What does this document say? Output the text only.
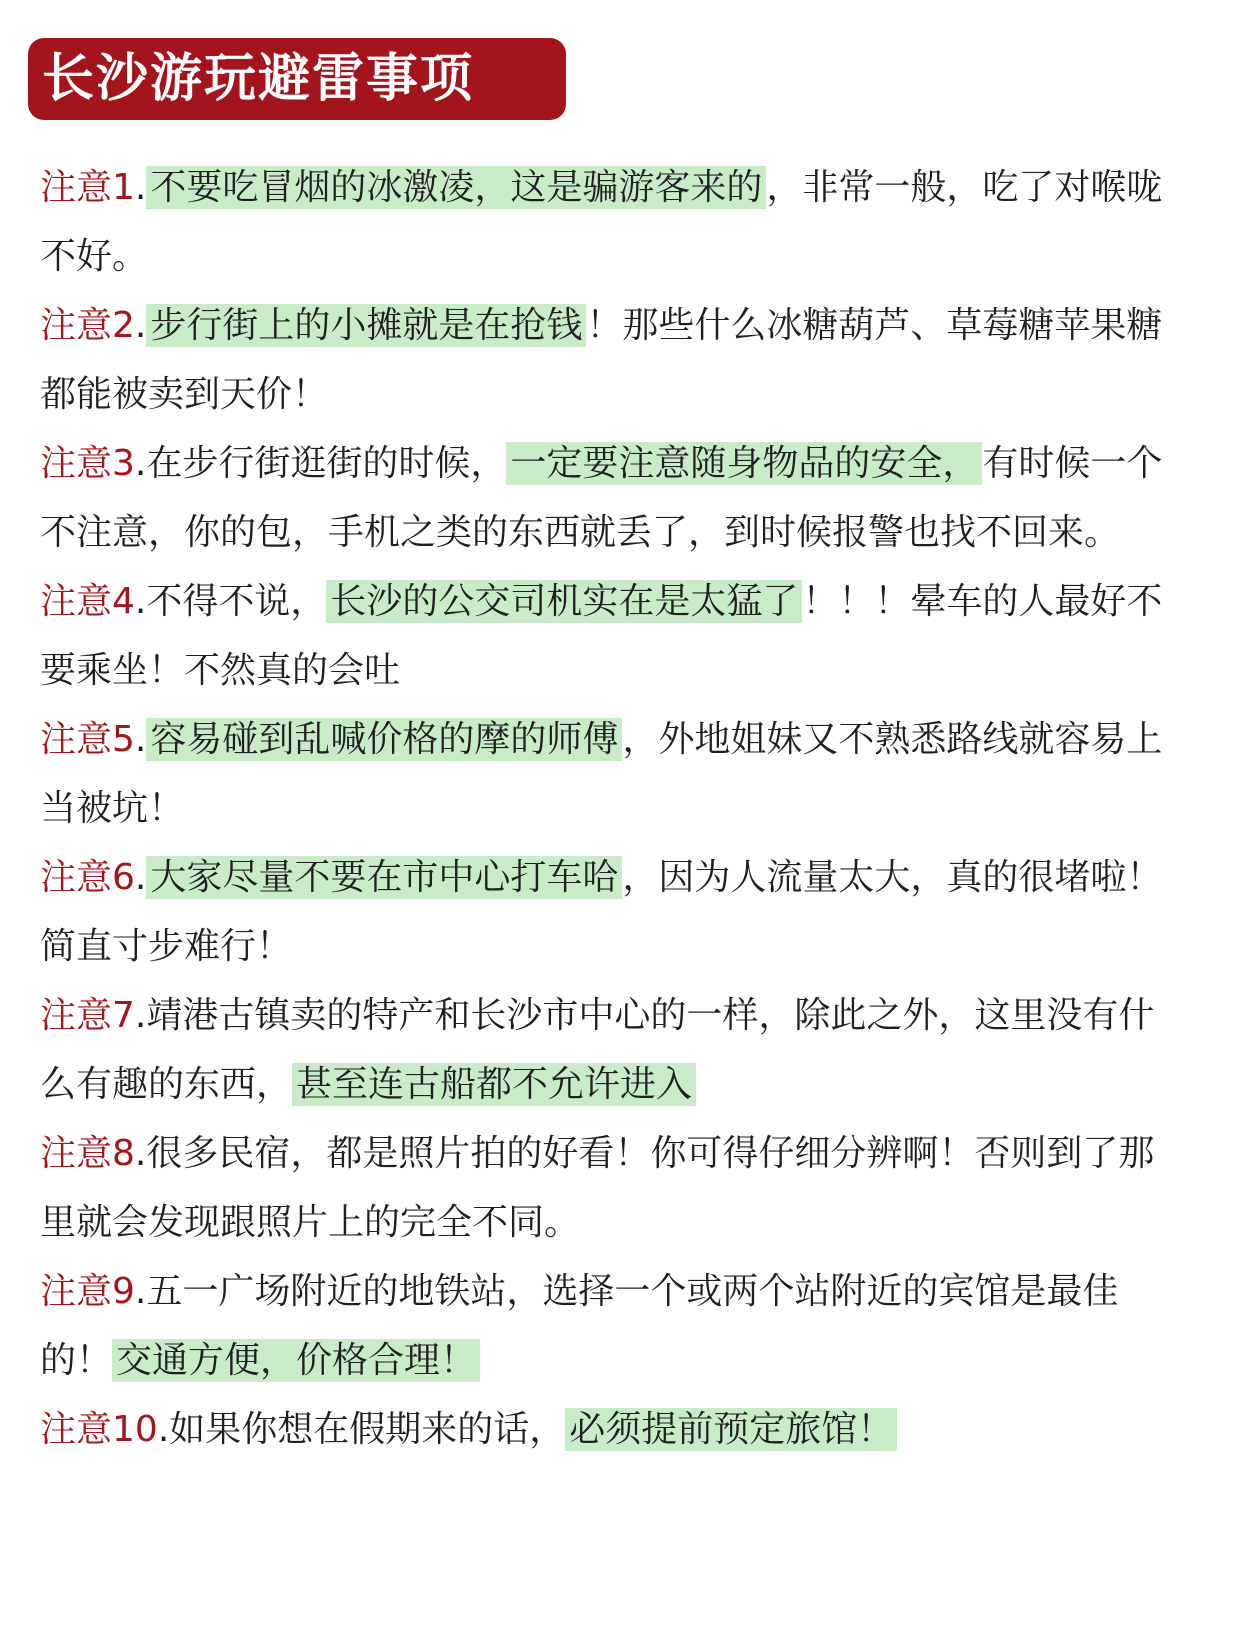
长沙游玩避雷事项

注意1. 不要吃冒烟的冰激凌，这是骗游客来的 ，非常一般，吃了对喉咙不好。

注意2. 步行街上的小摊就是在抢钱 ！那些什么冰糖葫芦、草莓糖苹果糖都能被卖到天价！

注意3.在步行街逛街的时候， 一定要注意随身物品的安全， 有时候一个不注意，你的包，手机之类的东西就丢了，到时候报警也找不回来。

注意4.不得不说， 长沙的公交司机实在是太猛了 ！！！晕车的人最好不要乘坐！不然真的会吐

注意5. 容易碰到乱喊价格的摩的师傅 ，外地姐妹又不熟悉路线就容易上当被坑！

注意6. 大家尽量不要在市中心打车哈 ，因为人流量太大，真的很堵啦！简直寸步难行！

注意7.靖港古镇卖的特产和长沙市中心的一样，除此之外，这里没有什么有趣的东西， 甚至连古船都不允许进入

注意8.很多民宿，都是照片拍的好看！你可得仔细分辨啊！否则到了那里就会发现跟照片上的完全不同。

注意9.五一广场附近的地铁站，选择一个或两个站附近的宾馆是最佳的！ 交通方便，价格合理！

注意10.如果你想在假期来的话， 必须提前预定旅馆！
